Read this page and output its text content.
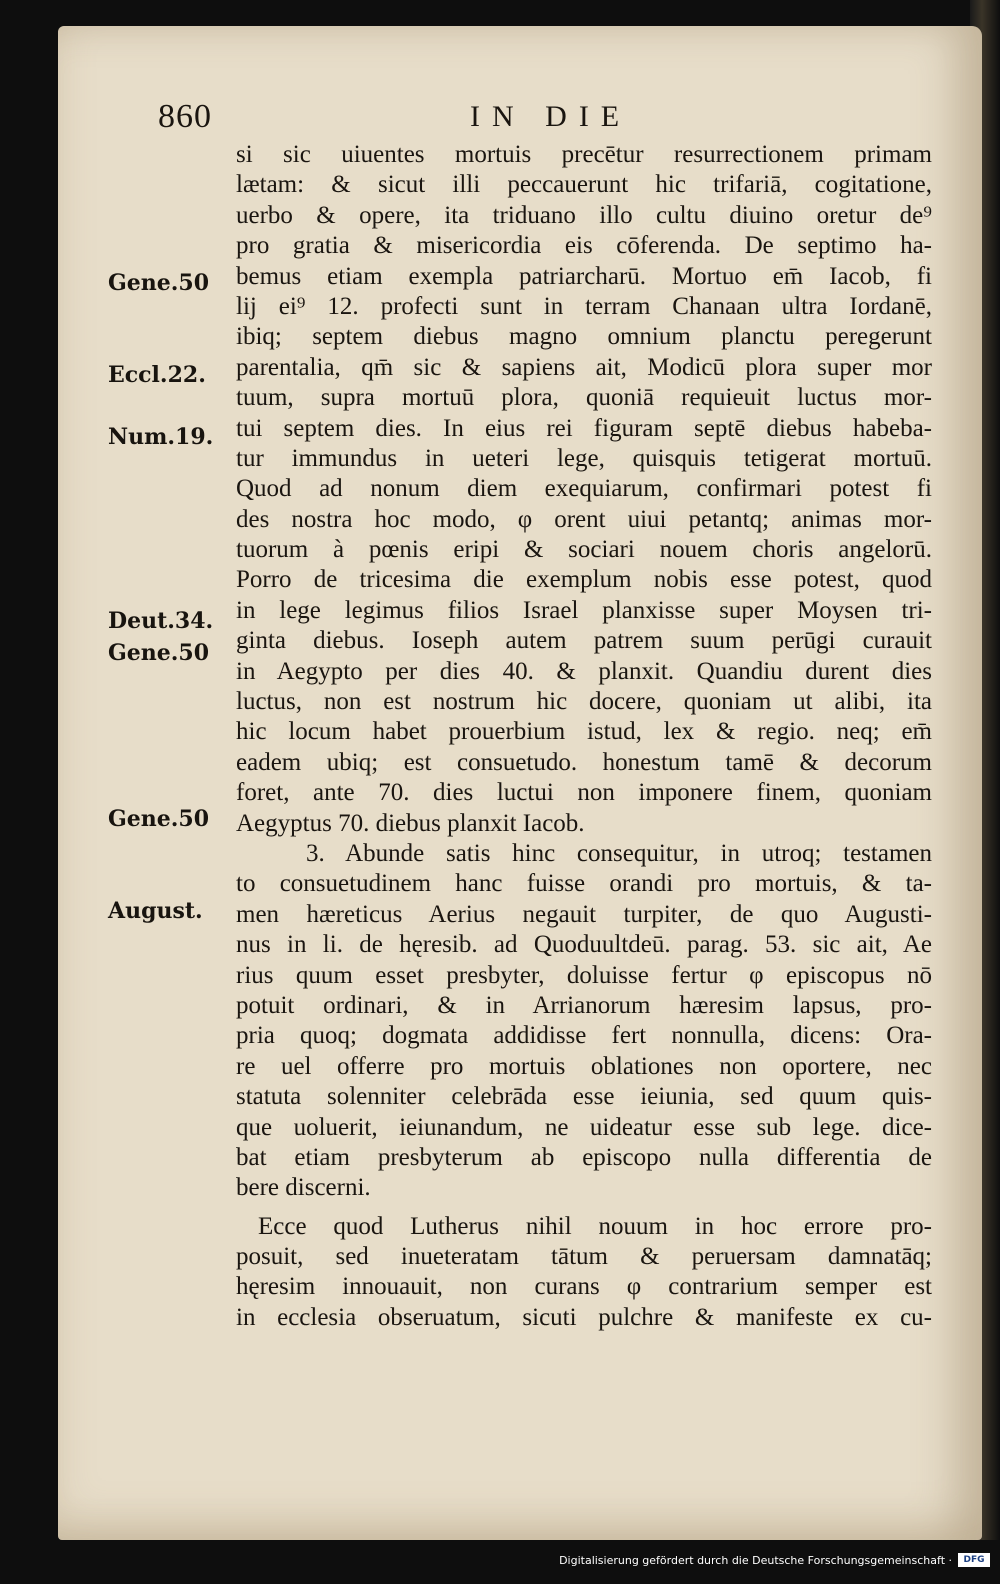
860	IN DIE
Gene.50
Eccl.22.
Num.19.
Deut.34.
Gene.50
Gene.50
August.
si sic uiuentes mortuis precētur resurrectionem primam
lætam: & sicut illi peccauerunt hic trifariā, cogitatione,
uerbo & opere, ita triduano illo cultu diuino oretur de⁹
pro gratia & misericordia eis cōferenda. De septimo ha-
bemus etiam exempla patriarcharū. Mortuo em̄ Iacob, fi
lij ei⁹ 12. profecti sunt in terram Chanaan ultra Iordanē,
ibiq; septem diebus magno omnium planctu peregerunt
parentalia, qm̄ sic & sapiens ait, Modicū plora super mor
tuum, supra mortuū plora, quoniā requieuit luctus mor-
tui septem dies. In eius rei figuram septē diebus habeba-
tur immundus in ueteri lege, quisquis tetigerat mortuū.
Quod ad nonum diem exequiarum, confirmari potest fi
des nostra hoc modo, φ orent uiui petantq; animas mor-
tuorum à pœnis eripi & sociari nouem choris angelorū.
Porro de tricesima die exemplum nobis esse potest, quod
in lege legimus filios Israel planxisse super Moysen tri-
ginta diebus. Ioseph autem patrem suum perūgi curauit
in Aegypto per dies 40. & planxit. Quandiu durent dies
luctus, non est nostrum hic docere, quoniam ut alibi, ita
hic locum habet prouerbium istud, lex & regio. neq; em̄
eadem ubiq; est consuetudo. honestum tamē & decorum
foret, ante 70. dies luctui non imponere finem, quoniam
Aegyptus 70. diebus planxit Iacob.
3. Abunde satis hinc consequitur, in utroq; testamen
to consuetudinem hanc fuisse orandi pro mortuis, & ta-
men hæreticus Aerius negauit turpiter, de quo Augusti-
nus in li. de hęresib. ad Quoduultdeū. parag. 53. sic ait, Ae
rius quum esset presbyter, doluisse fertur φ episcopus nō
potuit ordinari, & in Arrianorum hæresim lapsus, pro-
pria quoq; dogmata addidisse fert nonnulla, dicens: Ora-
re uel offerre pro mortuis oblationes non oportere, nec
statuta solenniter celebrāda esse ieiunia, sed quum quis-
que uoluerit, ieiunandum, ne uideatur esse sub lege. dice-
bat etiam presbyterum ab episcopo nulla differentia de
bere discerni.
Ecce quod Lutherus nihil nouum in hoc errore pro-
posuit, sed inueteratam tātum & peruersam damnatāq;
hęresim innouauit, non curans φ contrarium semper est
in ecclesia obseruatum, sicuti pulchre & manifeste ex cu-
Digitalisierung gefördert durch die Deutsche Forschungsgemeinschaft ·	DFG
